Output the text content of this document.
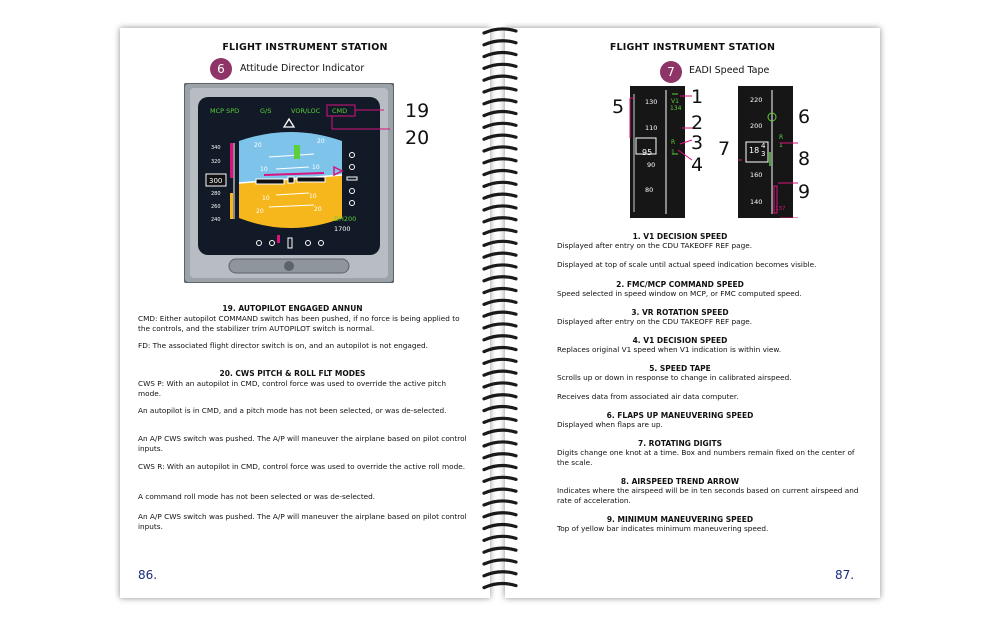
FLIGHT INSTRUMENT STATION
6	Attitude Director Indicator
20
20
10	10
10	10
20	20
MCP SPD	G/S	VOR/LOC CMD
340
320
280
260
240
300
DH200
1700
19
20
19. AUTOPILOT ENGAGED ANNUN
CMD: Either autopilot COMMAND switch has been pushed, if no force is being applied to the controls, and the stabilizer trim AUTOPILOT switch is normal.
FD: The associated flight director switch is on, and an autopilot is not engaged.
20. CWS PITCH & ROLL FLT MODES
CWS P: With an autopilot in CMD, control force was used to override the active pitch mode.
An autopilot is in CMD, and a pitch mode has not been selected, or was de-selected.
An A/P CWS switch was pushed. The A/P will maneuver the airplane based on pilot control inputs.
CWS R: With an autopilot in CMD, control force was used to override the active roll mode.
A command roll mode has not been selected or was de-selected.
An A/P CWS switch was pushed. The A/P will maneuver the airplane based on pilot control inputs.
86.
FLIGHT INSTRUMENT STATION
7	EADI Speed Tape
130
110
90
80
95
V1
134
R
1
220
200
160
140
18 4
3
R
1
137
5	1
2
3
4
6
7	8
9
1. V1 DECISION SPEED
Displayed after entry on the CDU TAKEOFF REF page.
Displayed at top of scale until actual speed indication becomes visible.
2. FMC/MCP COMMAND SPEED
Speed selected in speed window on MCP, or FMC computed speed.
3. VR ROTATION SPEED
Displayed after entry on the CDU TAKEOFF REF page.
4. V1 DECISION SPEED
Replaces original V1 speed when V1 indication is within view.
5. SPEED TAPE
Scrolls up or down in response to change in calibrated airspeed.
Receives data from associated air data computer.
6. FLAPS UP MANEUVERING SPEED
Displayed when flaps are up.
7. ROTATING DIGITS
Digits change one knot at a time. Box and numbers remain fixed on the center of the scale.
8. AIRSPEED TREND ARROW
Indicates where the airspeed will be in ten seconds based on current airspeed and rate of acceleration.
9. MINIMUM MANEUVERING SPEED
Top of yellow bar indicates minimum maneuvering speed.
87.
